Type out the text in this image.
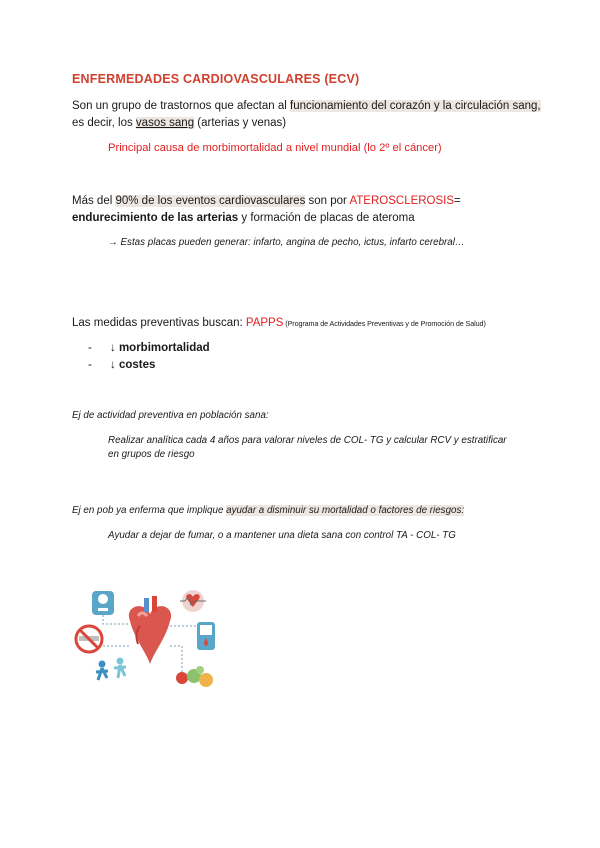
ENFERMEDADES CARDIOVASCULARES (ECV)
Son un grupo de trastornos que afectan al funcionamiento del corazón y la circulación sang,
es decir, los vasos sang (arterias y venas)
Principal causa de morbimortalidad a nivel mundial (lo 2º el cáncer)
Más del 90% de los eventos cardiovasculares son por ATEROSCLEROSIS=
endurecimiento de las arterias y formación de placas de ateroma
→ Estas placas pueden generar: infarto, angina de pecho, ictus, infarto cerebral…
Las medidas preventivas buscan: PAPPS (Programa de Actividades Preventivas y de Promoción de Salud)
- ↓ morbimortalidad
- ↓ costes
Ej de actividad preventiva en población sana:
Realizar analítica cada 4 años para valorar niveles de COL- TG y calcular RCV y estratificar
en grupos de riesgo
Ej en pob ya enferma que implique ayudar a disminuir su mortalidad o factores de riesgos:
Ayudar a dejar de fumar, o a mantener una dieta sana con control TA - COL- TG
